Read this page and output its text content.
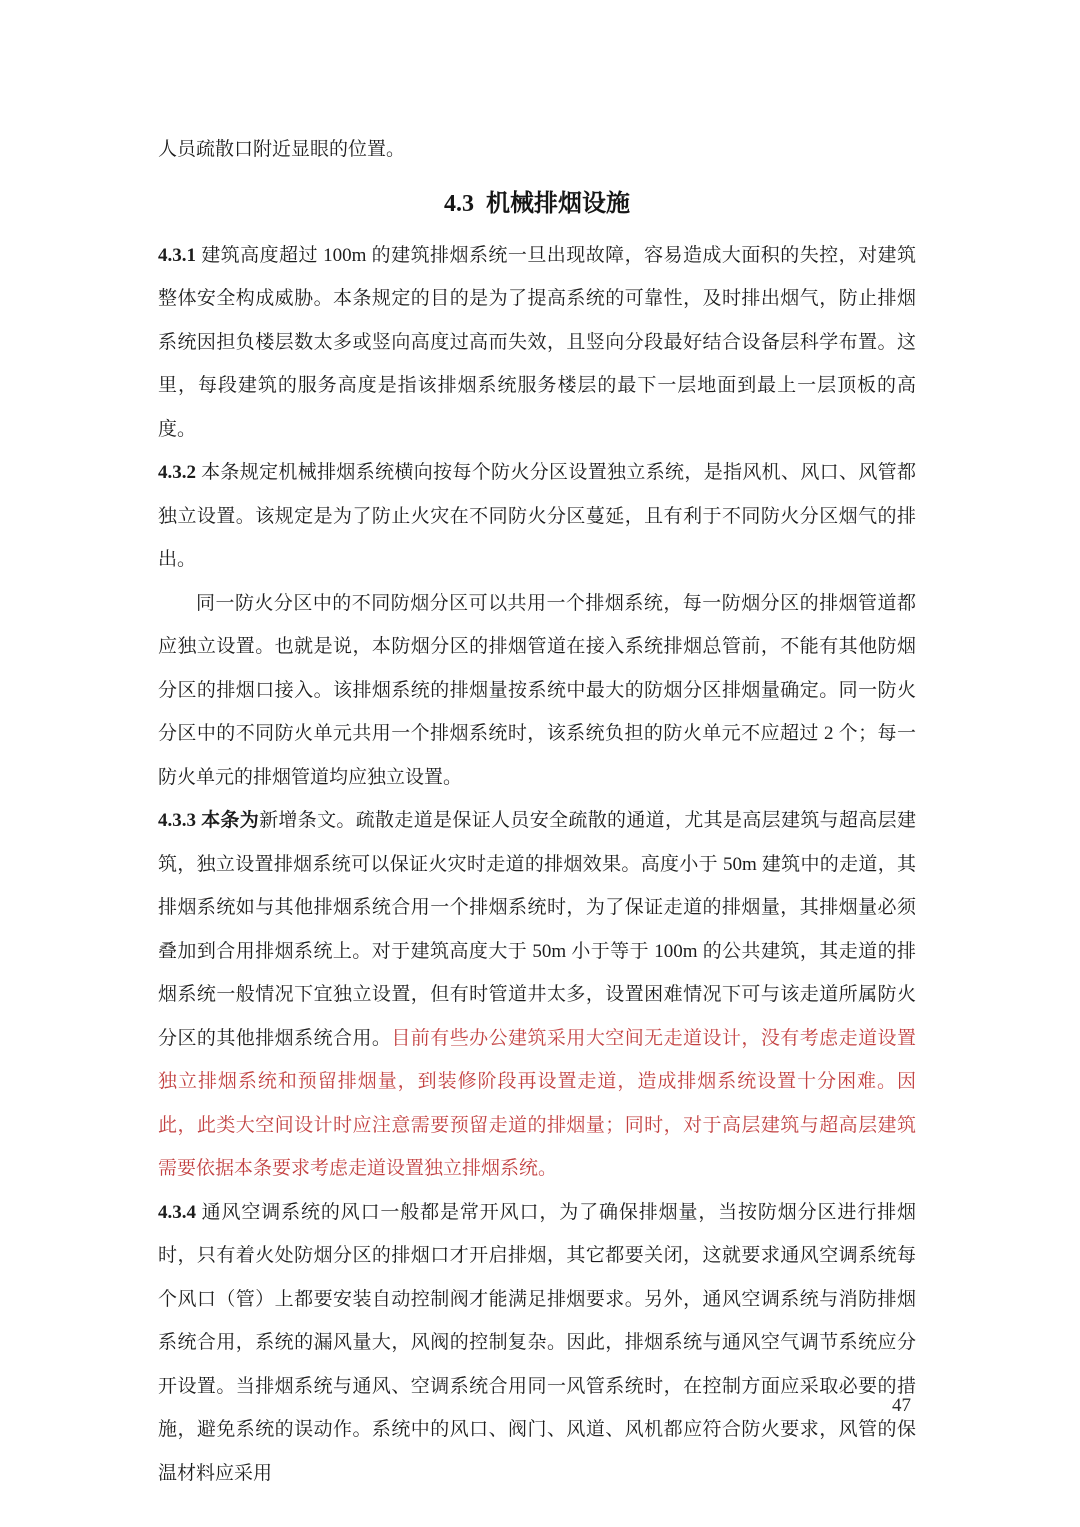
人员疏散口附近显眼的位置。

4.3  机械排烟设施

4.3.1 建筑高度超过 100m 的建筑排烟系统一旦出现故障，容易造成大面积的失控，对建筑整体安全构成威胁。本条规定的目的是为了提高系统的可靠性，及时排出烟气，防止排烟系统因担负楼层数太多或竖向高度过高而失效，且竖向分段最好结合设备层科学布置。这里，每段建筑的服务高度是指该排烟系统服务楼层的最下一层地面到最上一层顶板的高度。

4.3.2 本条规定机械排烟系统横向按每个防火分区设置独立系统，是指风机、风口、风管都独立设置。该规定是为了防止火灾在不同防火分区蔓延，且有利于不同防火分区烟气的排出。

同一防火分区中的不同防烟分区可以共用一个排烟系统，每一防烟分区的排烟管道都应独立设置。也就是说，本防烟分区的排烟管道在接入系统排烟总管前，不能有其他防烟分区的排烟口接入。该排烟系统的排烟量按系统中最大的防烟分区排烟量确定。同一防火分区中的不同防火单元共用一个排烟系统时，该系统负担的防火单元不应超过 2 个；每一防火单元的排烟管道均应独立设置。

4.3.3 本条为新增条文。疏散走道是保证人员安全疏散的通道，尤其是高层建筑与超高层建筑，独立设置排烟系统可以保证火灾时走道的排烟效果。高度小于 50m 建筑中的走道，其排烟系统如与其他排烟系统合用一个排烟系统时，为了保证走道的排烟量，其排烟量必须叠加到合用排烟系统上。对于建筑高度大于 50m 小于等于 100m 的公共建筑，其走道的排烟系统一般情况下宜独立设置，但有时管道井太多，设置困难情况下可与该走道所属防火分区的其他排烟系统合用。目前有些办公建筑采用大空间无走道设计，没有考虑走道设置独立排烟系统和预留排烟量，到装修阶段再设置走道，造成排烟系统设置十分困难。因此，此类大空间设计时应注意需要预留走道的排烟量；同时，对于高层建筑与超高层建筑需要依据本条要求考虑走道设置独立排烟系统。

4.3.4 通风空调系统的风口一般都是常开风口，为了确保排烟量，当按防烟分区进行排烟时，只有着火处防烟分区的排烟口才开启排烟，其它都要关闭，这就要求通风空调系统每个风口（管）上都要安装自动控制阀才能满足排烟要求。另外，通风空调系统与消防排烟系统合用，系统的漏风量大，风阀的控制复杂。因此，排烟系统与通风空气调节系统应分开设置。当排烟系统与通风、空调系统合用同一风管系统时，在控制方面应采取必要的措施，避免系统的误动作。系统中的风口、阀门、风道、风机都应符合防火要求，风管的保温材料应采用

47
